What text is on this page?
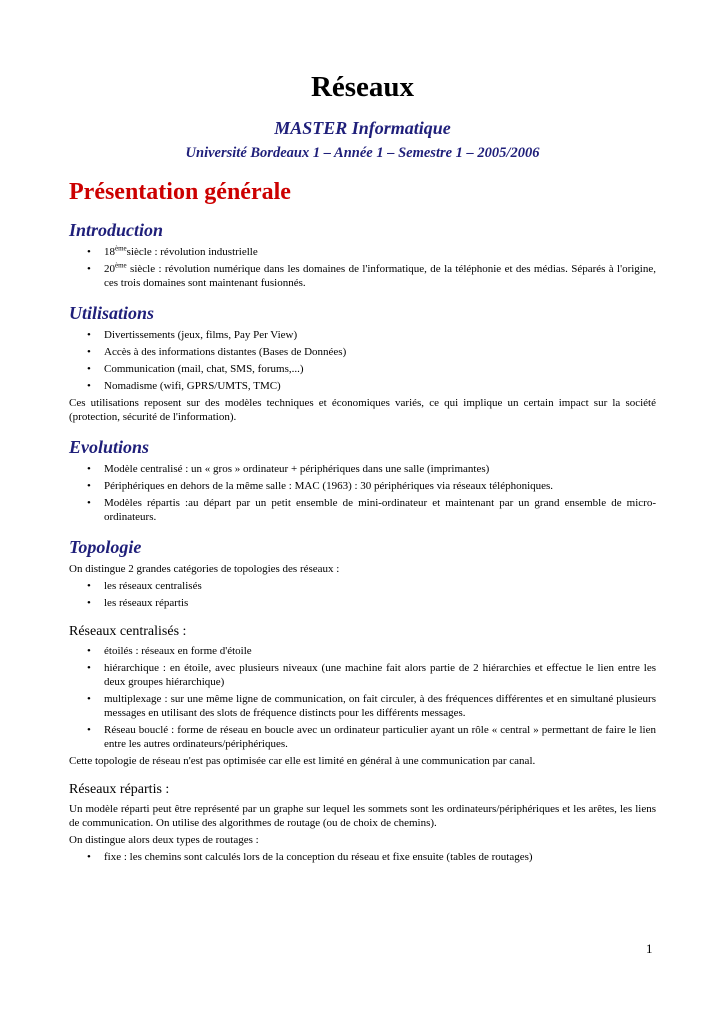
Réseaux
MASTER Informatique
Université Bordeaux 1 – Année 1 – Semestre 1 – 2005/2006
Présentation générale
Introduction
• 18èmesiècle : révolution industrielle
• 20ème siècle : révolution numérique dans les domaines de l'informatique, de la téléphonie et des médias. Séparés à l'origine, ces trois domaines sont maintenant fusionnés.
Utilisations
• Divertissements (jeux, films, Pay Per View)
• Accès à des informations distantes (Bases de Données)
• Communication (mail, chat, SMS, forums,...)
• Nomadisme (wifi, GPRS/UMTS, TMC)

Ces utilisations reposent sur des modèles techniques et économiques variés, ce qui implique un certain impact sur la société (protection, sécurité de l'information).

Evolutions
• Modèle centralisé : un « gros » ordinateur + périphériques dans une salle (imprimantes)
• Périphériques en dehors de la même salle : MAC (1963) : 30 périphériques via réseaux téléphoniques.
• Modèles répartis :au départ par un petit ensemble de mini-ordinateur et maintenant par un grand ensemble de micro-ordinateurs.
Topologie

On distingue 2 grandes catégories de topologies des réseaux :

• les réseaux centralisés
• les réseaux répartis
Réseaux centralisés :
• étoilés : réseaux en forme d'étoile
• hiérarchique : en étoile, avec plusieurs niveaux (une machine fait alors partie de 2 hiérarchies et effectue le lien entre les deux groupes hiérarchique)
• multiplexage : sur une même ligne de communication, on fait circuler, à des fréquences différentes et en simultané plusieurs messages en utilisant des slots de fréquence distincts pour les différents messages.
• Réseau bouclé : forme de réseau en boucle avec un ordinateur particulier ayant un rôle « central » permettant de faire le lien entre les autres ordinateurs/périphériques.

Cette topologie de réseau n'est pas optimisée car elle est limité en général à une communication par canal.

Réseaux répartis :

Un modèle réparti peut être représenté par un graphe sur lequel les sommets sont les ordinateurs/périphériques et les arêtes, les liens de communication. On utilise des algorithmes de routage (ou de choix de chemins).

On distingue alors deux types de routages :

• fixe : les chemins sont calculés lors de la conception du réseau et fixe ensuite (tables de routages)
1
